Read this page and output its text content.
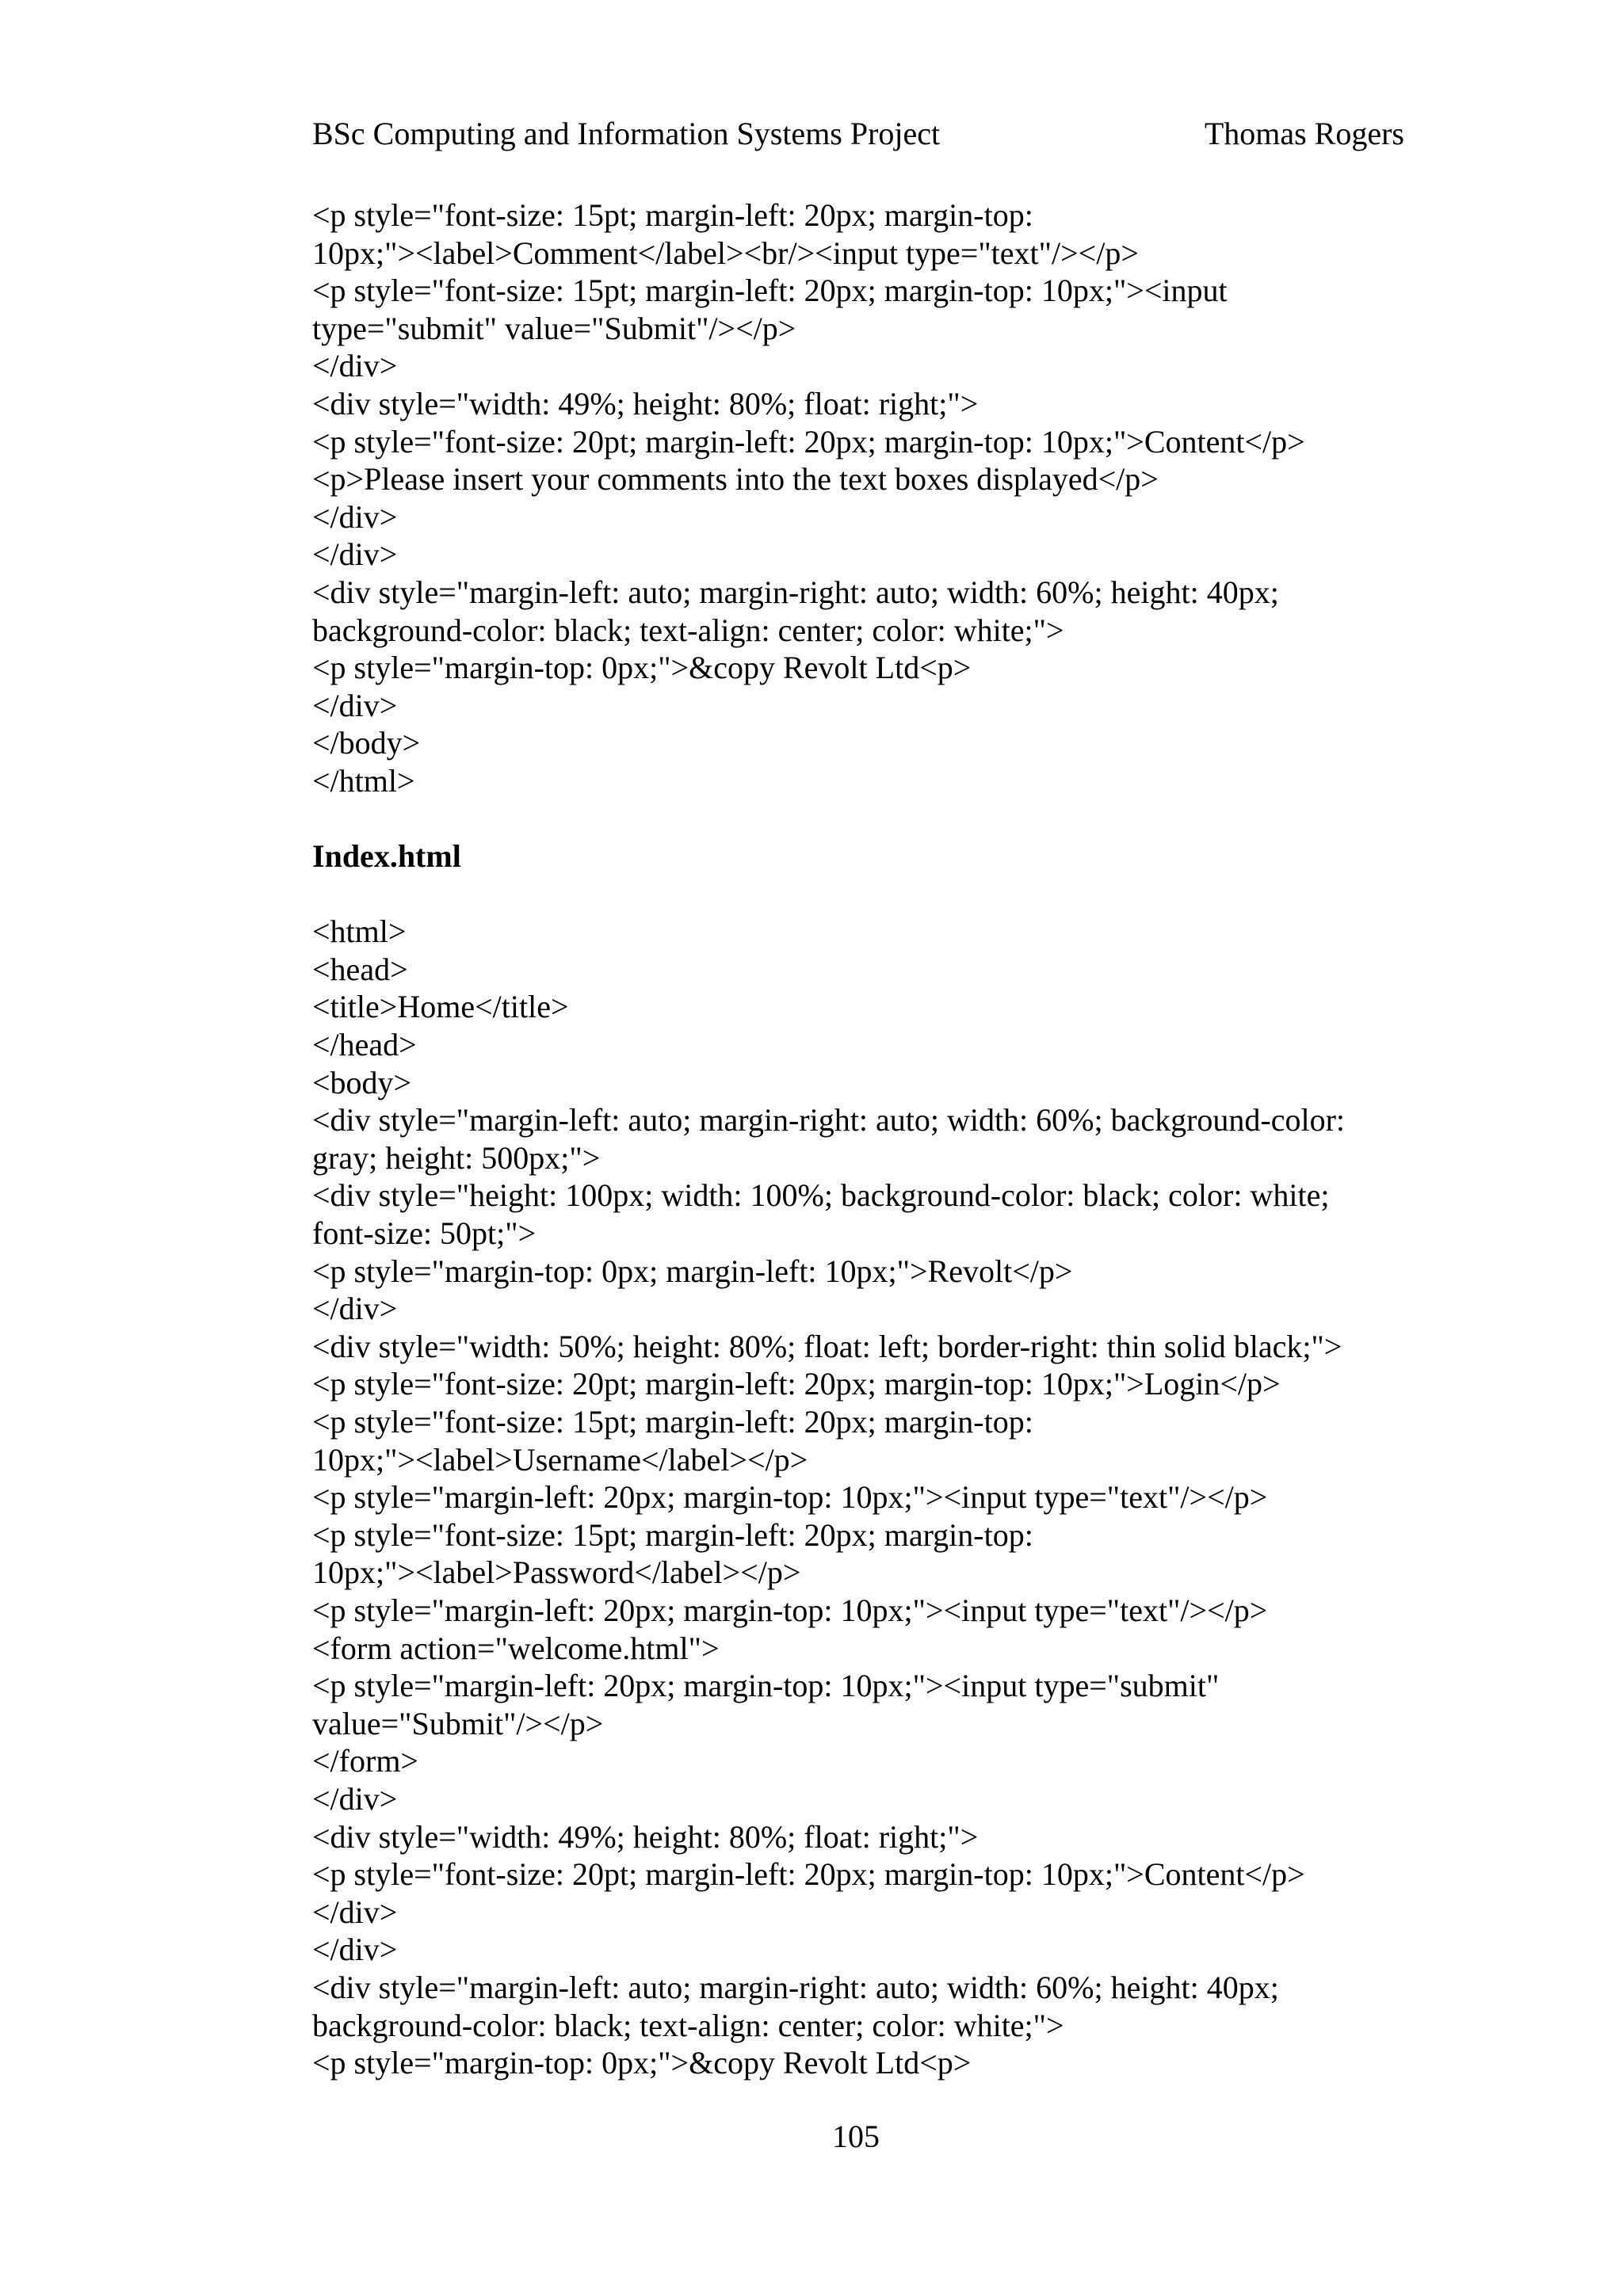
BSc Computing and Information Systems Project	Thomas Rogers
<p style="font-size: 15pt; margin-left: 20px; margin-top:
10px;"><label>Comment</label><br/><input type="text"/></p>
<p style="font-size: 15pt; margin-left: 20px; margin-top: 10px;"><input
type="submit" value="Submit"/></p>
</div>
<div style="width: 49%; height: 80%; float: right;">
<p style="font-size: 20pt; margin-left: 20px; margin-top: 10px;">Content</p>
<p>Please insert your comments into the text boxes displayed</p>
</div>
</div>
<div style="margin-left: auto; margin-right: auto; width: 60%; height: 40px;
background-color: black; text-align: center; color: white;">
<p style="margin-top: 0px;">&copy Revolt Ltd<p>
</div>
</body>
</html>
Index.html
<html>
<head>
<title>Home</title>
</head>
<body>
<div style="margin-left: auto; margin-right: auto; width: 60%; background-color:
gray; height: 500px;">
<div style="height: 100px; width: 100%; background-color: black; color: white;
font-size: 50pt;">
<p style="margin-top: 0px; margin-left: 10px;">Revolt</p>
</div>
<div style="width: 50%; height: 80%; float: left; border-right: thin solid black;">
<p style="font-size: 20pt; margin-left: 20px; margin-top: 10px;">Login</p>
<p style="font-size: 15pt; margin-left: 20px; margin-top:
10px;"><label>Username</label></p>
<p style="margin-left: 20px; margin-top: 10px;"><input type="text"/></p>
<p style="font-size: 15pt; margin-left: 20px; margin-top:
10px;"><label>Password</label></p>
<p style="margin-left: 20px; margin-top: 10px;"><input type="text"/></p>
<form action="welcome.html">
<p style="margin-left: 20px; margin-top: 10px;"><input type="submit"
value="Submit"/></p>
</form>
</div>
<div style="width: 49%; height: 80%; float: right;">
<p style="font-size: 20pt; margin-left: 20px; margin-top: 10px;">Content</p>
</div>
</div>
<div style="margin-left: auto; margin-right: auto; width: 60%; height: 40px;
background-color: black; text-align: center; color: white;">
<p style="margin-top: 0px;">&copy Revolt Ltd<p>
105
